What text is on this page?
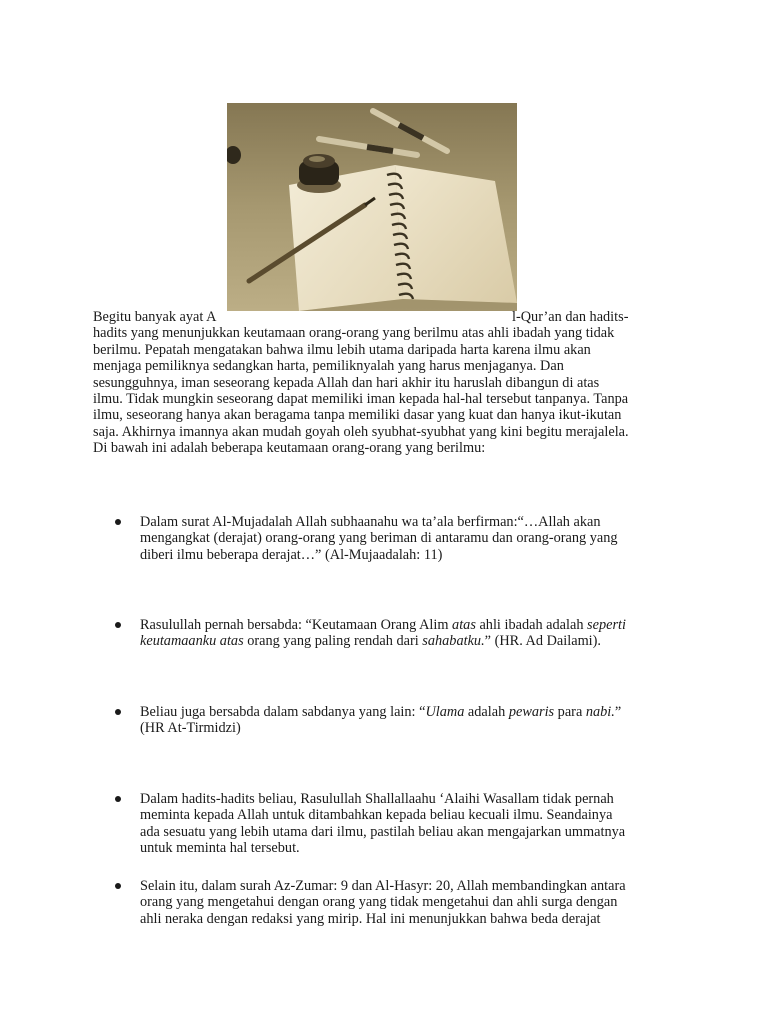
Begitu banyak ayat A	l-Qur’an dan hadits-
hadits yang menunjukkan keutamaan orang-orang yang berilmu atas ahli ibadah yang tidak
berilmu. Pepatah mengatakan bahwa ilmu lebih utama daripada harta karena ilmu akan
menjaga pemiliknya sedangkan harta, pemiliknyalah yang harus menjaganya. Dan
sesungguhnya, iman seseorang kepada Allah dan hari akhir itu haruslah dibangun di atas
ilmu. Tidak mungkin seseorang dapat memiliki iman kepada hal-hal tersebut tanpanya. Tanpa
ilmu, seseorang hanya akan beragama tanpa memiliki dasar yang kuat dan hanya ikut-ikutan
saja. Akhirnya imannya akan mudah goyah oleh syubhat-syubhat yang kini begitu merajalela.
Di bawah ini adalah beberapa keutamaan orang-orang yang berilmu:
Dalam surat Al-Mujadalah Allah subhaanahu wa ta’ala berfirman:“…Allah akan
mengangkat (derajat) orang-orang yang beriman di antaramu dan orang-orang yang
diberi ilmu beberapa derajat…” (Al-Mujaadalah: 11)
Rasulullah pernah bersabda: “Keutamaan Orang Alim atas ahli ibadah adalah seperti
keutamaanku atas orang yang paling rendah dari sahabatku.” (HR. Ad Dailami).
Beliau juga bersabda dalam sabdanya yang lain: “Ulama adalah pewaris para nabi.”
(HR At-Tirmidzi)
Dalam hadits-hadits beliau, Rasulullah Shallallaahu ‘Alaihi Wasallam tidak pernah
meminta kepada Allah untuk ditambahkan kepada beliau kecuali ilmu. Seandainya
ada sesuatu yang lebih utama dari ilmu, pastilah beliau akan mengajarkan ummatnya
untuk meminta hal tersebut.
Selain itu, dalam surah Az-Zumar: 9 dan Al-Hasyr: 20, Allah membandingkan antara
orang yang mengetahui dengan orang yang tidak mengetahui dan ahli surga dengan
ahli neraka dengan redaksi yang mirip. Hal ini menunjukkan bahwa beda derajat
